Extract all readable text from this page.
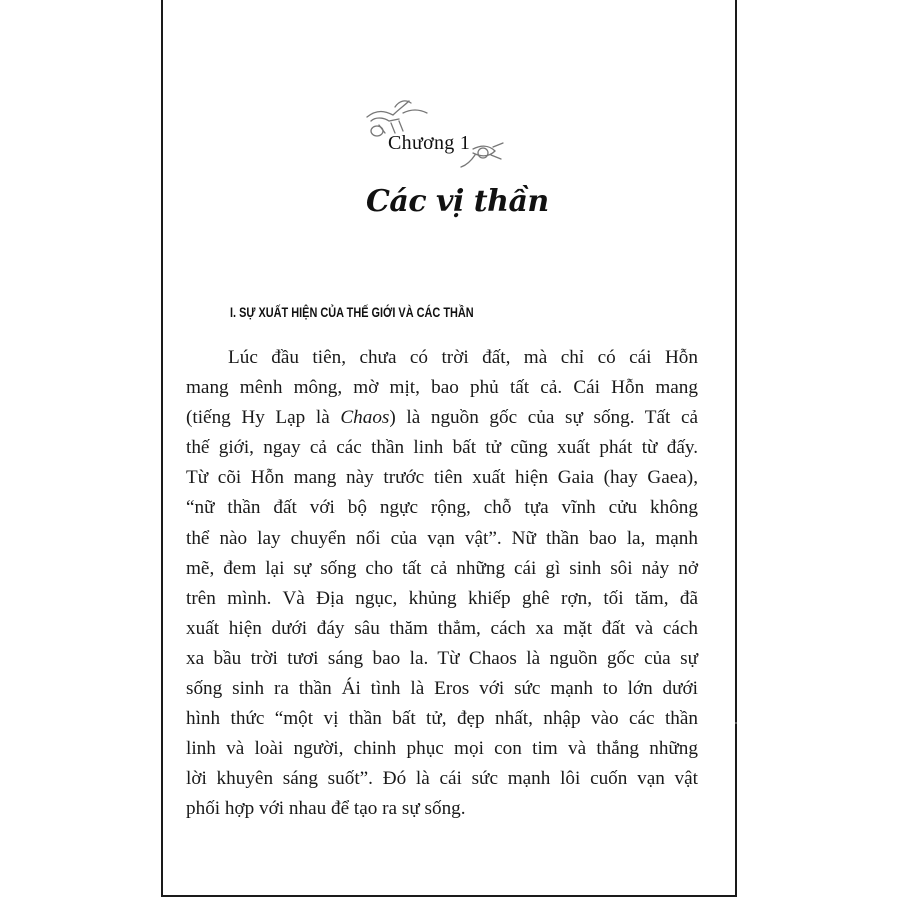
Chương 1
Các vị thần
I. SỰ XUẤT HIỆN CỦA THẾ GIỚI VÀ CÁC THẦN
Lúc đầu tiên, chưa có trời đất, mà chỉ có cái Hỗn
mang mênh mông, mờ mịt, bao phủ tất cả. Cái Hỗn mang
(tiếng Hy Lạp là Chaos) là nguồn gốc của sự sống. Tất cả
thế giới, ngay cả các thần linh bất tử cũng xuất phát từ đấy.
Từ cõi Hỗn mang này trước tiên xuất hiện Gaia (hay Gaea),
“nữ thần đất với bộ ngực rộng, chỗ tựa vĩnh cửu không
thể nào lay chuyển nổi của vạn vật”. Nữ thần bao la, mạnh
mẽ, đem lại sự sống cho tất cả những cái gì sinh sôi nảy nở
trên mình. Và Địa ngục, khủng khiếp ghê rợn, tối tăm, đã
xuất hiện dưới đáy sâu thăm thẳm, cách xa mặt đất và cách
xa bầu trời tươi sáng bao la. Từ Chaos là nguồn gốc của sự
sống sinh ra thần Ái tình là Eros với sức mạnh to lớn dưới
hình thức “một vị thần bất tử, đẹp nhất, nhập vào các thần
linh và loài người, chinh phục mọi con tim và thắng những
lời khuyên sáng suốt”. Đó là cái sức mạnh lôi cuốn vạn vật
phối hợp với nhau để tạo ra sự sống.
